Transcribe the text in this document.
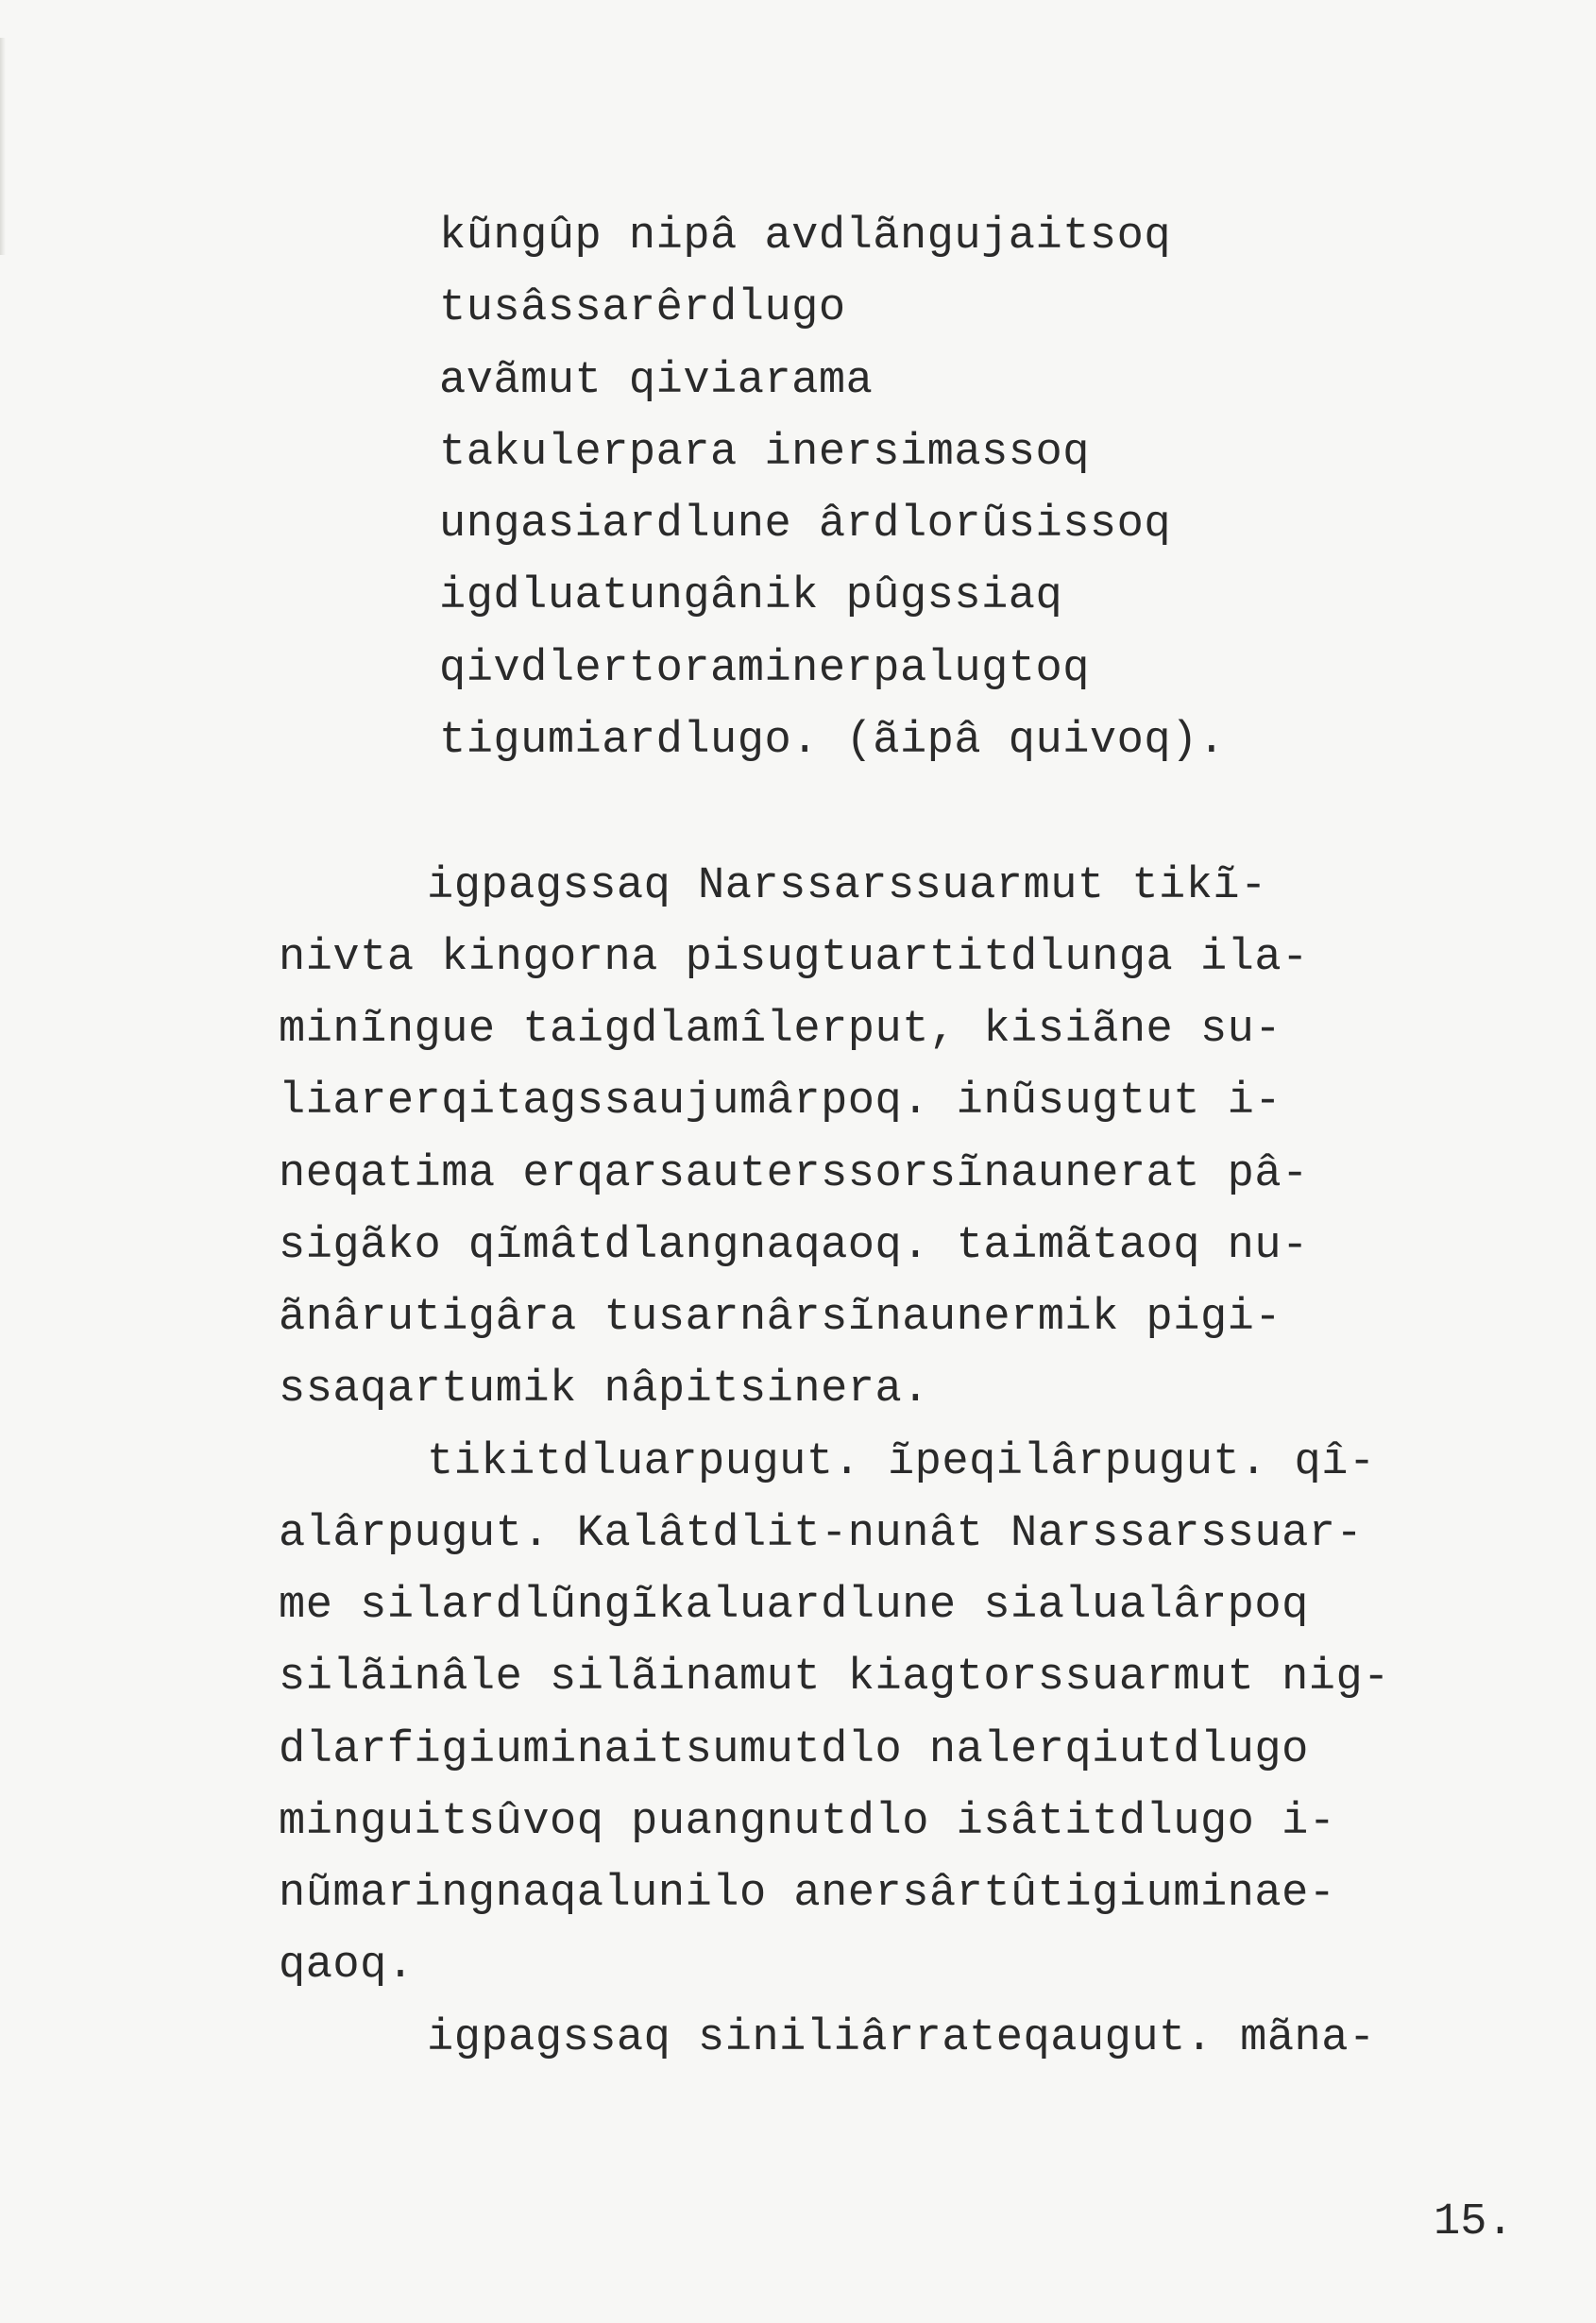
kũngûp nipâ avdlãngujaitsoq

tusâssarêrdlugo

avãmut qiviarama

takulerpara inersimassoq

ungasiardlune ârdlorũsissoq

igdluatungânik pûgssiaq

qivdlertoraminerpalugtoq

tigumiardlugo. (ãipâ quivoq).

igpagssaq Narssarssuarmut tikĩ-

nivta kingorna pisugtuartitdlunga ila-

minĩngue taigdlamîlerput, kisiãne su-

liarerqitagssaujumârpoq. inũsugtut i-

neqatima erqarsauterssorsĩnaunerat pâ-

sigãko qĩmâtdlangnaqaoq. taimãtaoq nu-

ãnârutigâra tusarnârsĩnaunermik pigi-

ssaqartumik nâpitsinera.

tikitdluarpugut. ĩpeqilârpugut. qî-

alârpugut. Kalâtdlit-nunât Narssarssuar-

me silardlũngĩkaluardlune sialualârpoq

silãinâle silãinamut kiagtorssuarmut nig-

dlarfigiuminaitsumutdlo nalerqiutdlugo

minguitsûvoq puangnutdlo isâtitdlugo i-

nũmaringnaqalunilo anersârtûtigiuminae-

qaoq.

igpagssaq siniliârrateqaugut. mãna-

15.
